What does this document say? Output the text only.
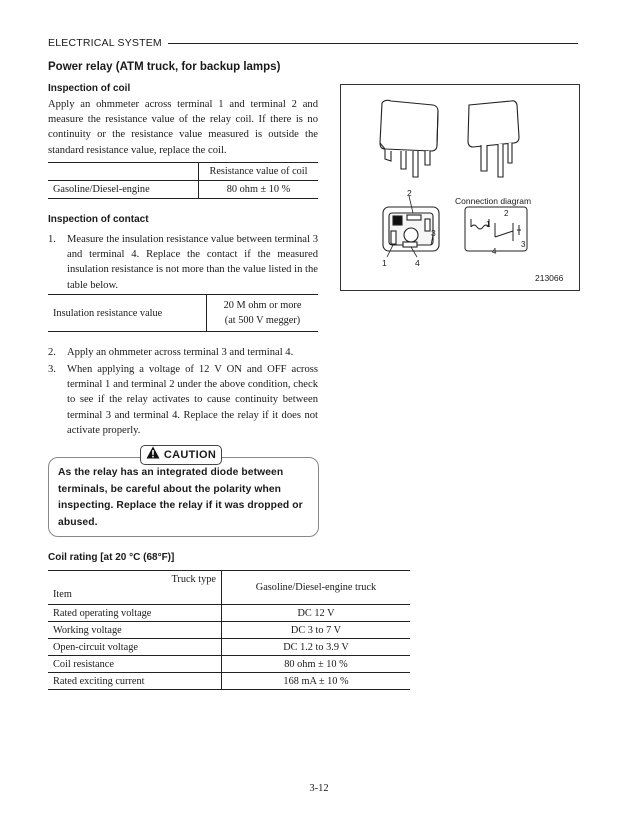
ELECTRICAL SYSTEM
Power relay (ATM truck, for backup lamps)
Inspection of coil
Apply an ohmmeter across terminal 1 and terminal 2 and measure the resistance value of the relay coil. If there is no continuity or the resistance value measured is outside the standard resistance value, replace the coil.
	Resistance value of coil
Gasoline/Diesel-engine	80 ohm ± 10 %
Inspection of contact
1. Measure the insulation resistance value between terminal 3 and terminal 4. Replace the contact if the measured insulation resistance is not more than the value listed in the table below.
Insulation resistance value	20 M ohm or more
(at 500 V megger)
2. Apply an ohmmeter across terminal 3 and terminal 4.
3. When applying a voltage of 12 V ON and OFF across terminal 1 and terminal 2 under the above condition, check to see if the relay activates to cause continuity between terminal 3 and terminal 4. Replace the relay if it does not activate properly.
CAUTION
As the relay has an integrated diode between terminals, be careful about the polarity when inspecting. Replace the relay if it was dropped or abused.
Coil rating [at 20 °C (68°F)]
Truck type
Item	Gasoline/Diesel-engine truck
Rated operating voltage	DC 12 V
Working voltage	DC 3 to 7 V
Open-circuit voltage	DC 1.2 to 3.9 V
Coil resistance	80 ohm ± 10 %
Rated exciting current	168 mA ± 10 %
2
3
1	4
Connection diagram
1
2
3
4
213066
3-12
